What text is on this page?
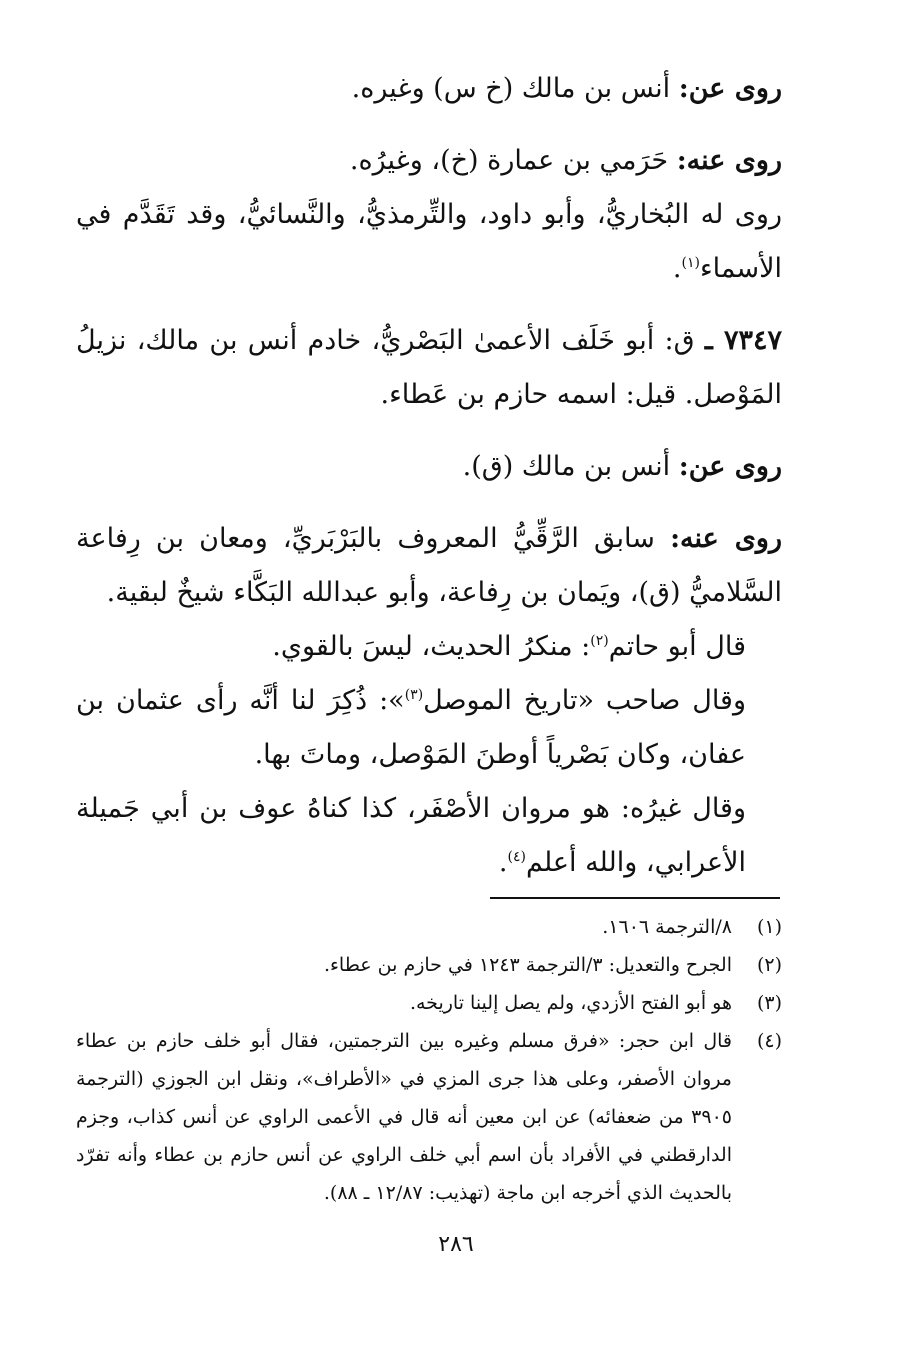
روى عن: أنس بن مالك (خ س) وغيره.

روى عنه: حَرَمي بن عمارة (خ)، وغيرُه.

روى له البُخاريُّ، وأبو داود، والتِّرمذيُّ، والنَّسائيُّ، وقد تَقَدَّم في الأسماء$^{(١)}$.

٧٣٤٧ ـ ق: أبو خَلَف الأعمىٰ البَصْريُّ، خادم أنس بن مالك، نزيلُ المَوْصل. قيل: اسمه حازم بن عَطاء.

روى عن: أنس بن مالك (ق).

روى عنه: سابق الرَّقِّيُّ المعروف بالبَرْبَريِّ، ومعان بن رِفاعة السَّلاميُّ (ق)، ويَمان بن رِفاعة، وأبو عبدالله البَكَّاء شيخٌ لبقية.

قال أبو حاتم$^{(٢)}$: منكرُ الحديث، ليسَ بالقوي.

وقال صاحب «تاريخ الموصل$^{(٣)}$»: ذُكِرَ لنا أنَّه رأى عثمان بن عفان، وكان بَصْرياً أوطنَ المَوْصل، وماتَ بها.

وقال غيرُه: هو مروان الأصْفَر، كذا كناهُ عوف بن أبي جَميلة الأعرابي، والله أعلم$^{(٤)}$.

(١)
٨/الترجمة ١٦٠٦.
(٢)
الجرح والتعديل: ٣/الترجمة ١٢٤٣ في حازم بن عطاء.
(٣)
هو أبو الفتح الأزدي، ولم يصل إلينا تاريخه.
(٤)
قال ابن حجر: «فرق مسلم وغيره بين الترجمتين، فقال أبو خلف حازم بن عطاء مروان الأصفر، وعلى هذا جرى المزي في «الأطراف»، ونقل ابن الجوزي (الترجمة ٣٩٠٥ من ضعفائه) عن ابن معين أنه قال في الأعمى الراوي عن أنس كذاب، وجزم الدارقطني في الأفراد بأن اسم أبي خلف الراوي عن أنس حازم بن عطاء وأنه تفرّد بالحديث الذي أخرجه ابن ماجة (تهذيب: ١٢/٨٧ ـ ٨٨).
٢٨٦
